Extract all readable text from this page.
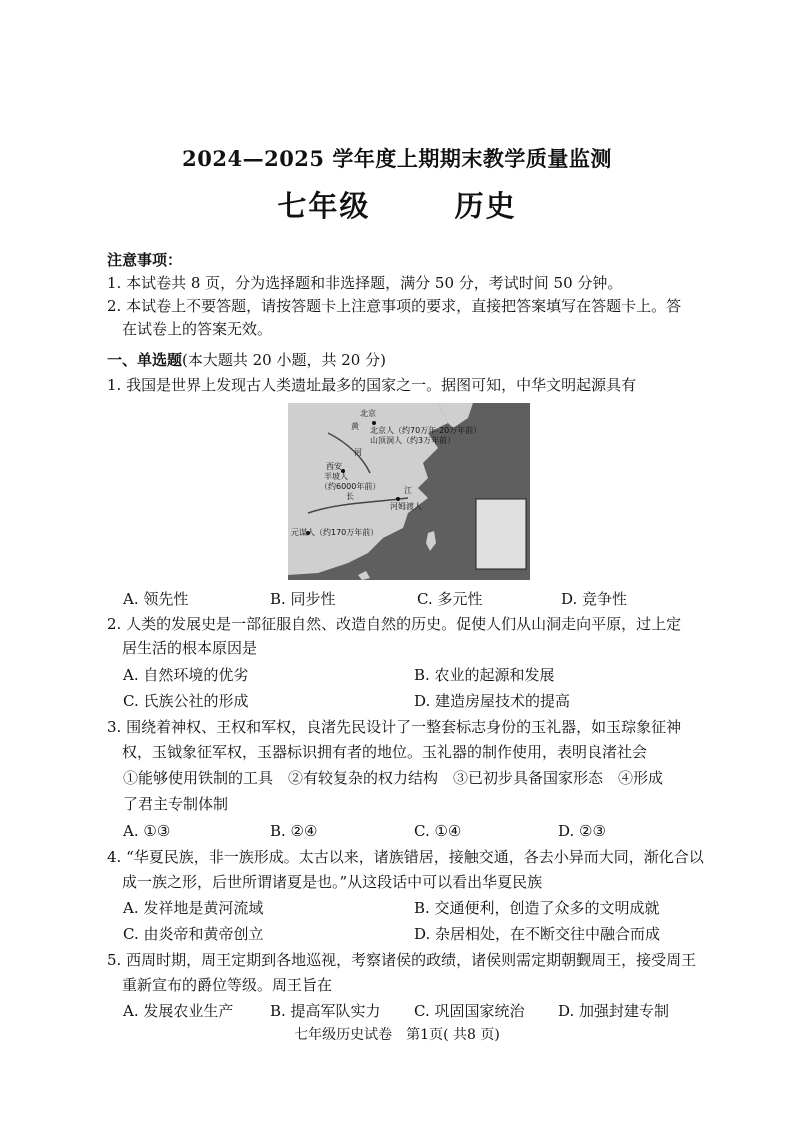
2024—2025 学年度上期期末教学质量监测
七年级	历史
注意事项：
1. 本试卷共 8 页，分为选择题和非选择题，满分 50 分，考试时间 50 分钟。
2. 本试卷上不要答题，请按答题卡上注意事项的要求，直接把答案填写在答题卡上。答
在试卷上的答案无效。
一、单选题(本大题共 20 小题，共 20 分)
1. 我国是世界上发现古人类遗址最多的国家之一。据图可知，中华文明起源具有
北京
黄 北京人（约70万年-20万年前）
山顶洞人（约3万年前）
河
西安
半坡人
（约6000年前）
长
江
河姆渡人
元谋人（约170万年前）
A. 领先性	B. 同步性	C. 多元性	D. 竞争性
2. 人类的发展史是一部征服自然、改造自然的历史。促使人们从山洞走向平原，过上定
居生活的根本原因是
A. 自然环境的优劣	B. 农业的起源和发展
C. 氏族公社的形成	D. 建造房屋技术的提高
3. 围绕着神权、王权和军权，良渚先民设计了一整套标志身份的玉礼器，如玉琮象征神
权，玉钺象征军权，玉器标识拥有者的地位。玉礼器的制作使用，表明良渚社会
①能够使用铁制的工具　②有较复杂的权力结构　③已初步具备国家形态　④形成
了君主专制体制
A. ①③	B. ②④	C. ①④	D. ②③
4. “华夏民族，非一族形成。太古以来，诸族错居，接触交通，各去小异而大同，渐化合以
成一族之形，后世所谓诸夏是也。”从这段话中可以看出华夏民族
A. 发祥地是黄河流域	B. 交通便利，创造了众多的文明成就
C. 由炎帝和黄帝创立	D. 杂居相处，在不断交往中融合而成
5. 西周时期，周王定期到各地巡视，考察诸侯的政绩，诸侯则需定期朝觐周王，接受周王
重新宣布的爵位等级。周王旨在
A. 发展农业生产 B. 提高军队实力 C. 巩固国家统治 D. 加强封建专制
七年级历史试卷　第1页( 共8 页)
